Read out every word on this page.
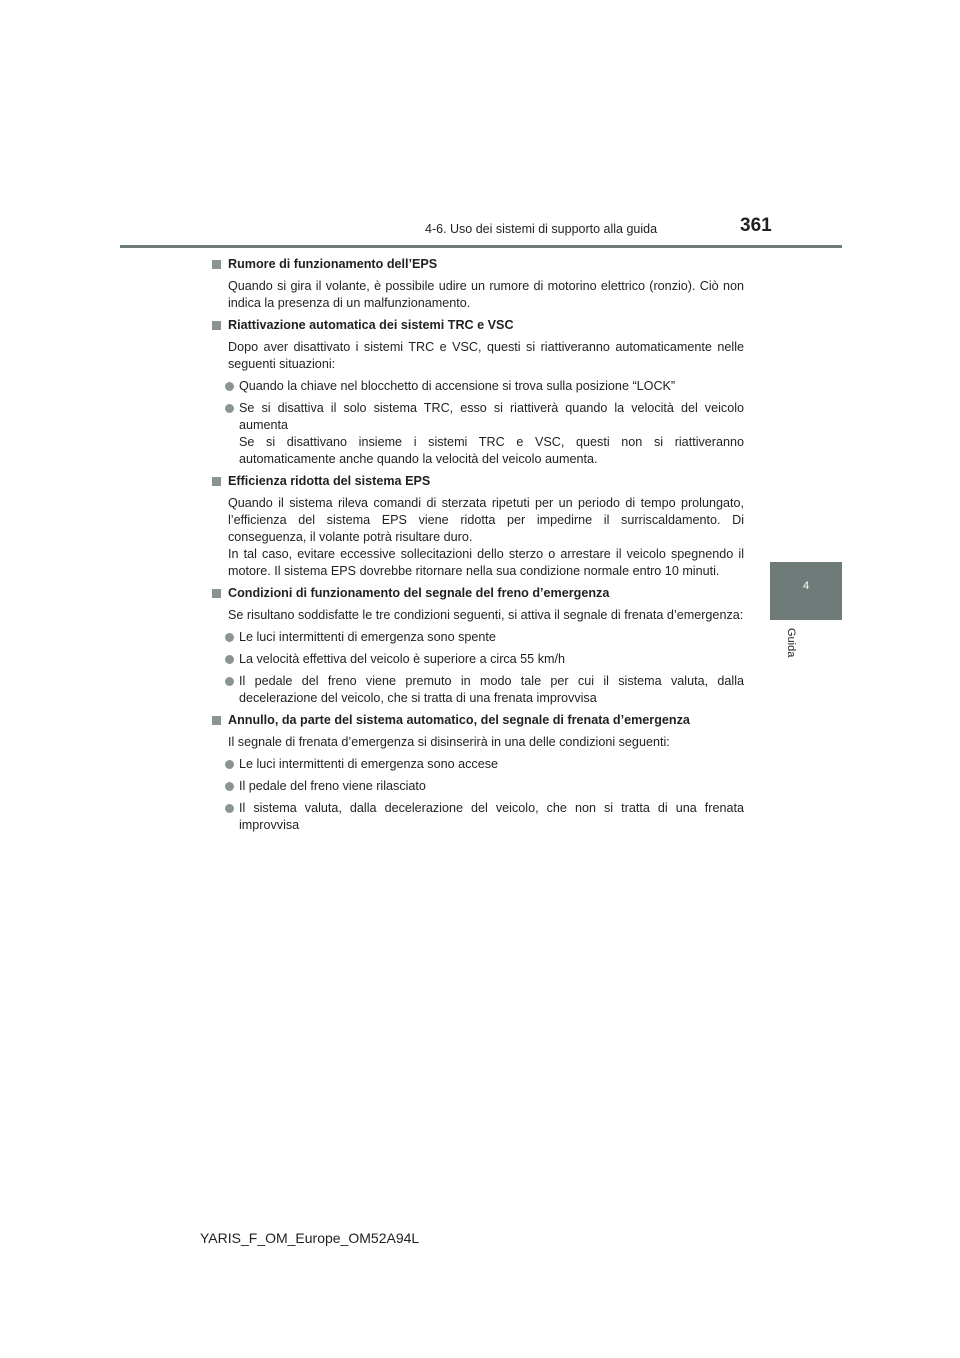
4-6. Uso dei sistemi di supporto alla guida	361
4
Guida
Rumore di funzionamento dell’EPS
Quando si gira il volante, è possibile udire un rumore di motorino elettrico (ronzio). Ciò non indica la presenza di un malfunzionamento.
Riattivazione automatica dei sistemi TRC e VSC
Dopo aver disattivato i sistemi TRC e VSC, questi si riattiveranno automaticamente nelle seguenti situazioni:
Quando la chiave nel blocchetto di accensione si trova sulla posizione “LOCK”
Se si disattiva il solo sistema TRC, esso si riattiverà quando la velocità del veicolo aumenta
Se si disattivano insieme i sistemi TRC e VSC, questi non si riattiveranno automaticamente anche quando la velocità del veicolo aumenta.
Efficienza ridotta del sistema EPS
Quando il sistema rileva comandi di sterzata ripetuti per un periodo di tempo prolungato, l’efficienza del sistema EPS viene ridotta per impedirne il surriscaldamento. Di conseguenza, il volante potrà risultare duro.
In tal caso, evitare eccessive sollecitazioni dello sterzo o arrestare il veicolo spegnendo il motore. Il sistema EPS dovrebbe ritornare nella sua condizione normale entro 10 minuti.
Condizioni di funzionamento del segnale del freno d’emergenza
Se risultano soddisfatte le tre condizioni seguenti, si attiva il segnale di frenata d’emergenza:
Le luci intermittenti di emergenza sono spente
La velocità effettiva del veicolo è superiore a circa 55 km/h
Il pedale del freno viene premuto in modo tale per cui il sistema valuta, dalla decelerazione del veicolo, che si tratta di una frenata improvvisa
Annullo, da parte del sistema automatico, del segnale di frenata d’emergenza
Il segnale di frenata d’emergenza si disinserirà in una delle condizioni seguenti:
Le luci intermittenti di emergenza sono accese
Il pedale del freno viene rilasciato
Il sistema valuta, dalla decelerazione del veicolo, che non si tratta di una frenata improvvisa
YARIS_F_OM_Europe_OM52A94L
